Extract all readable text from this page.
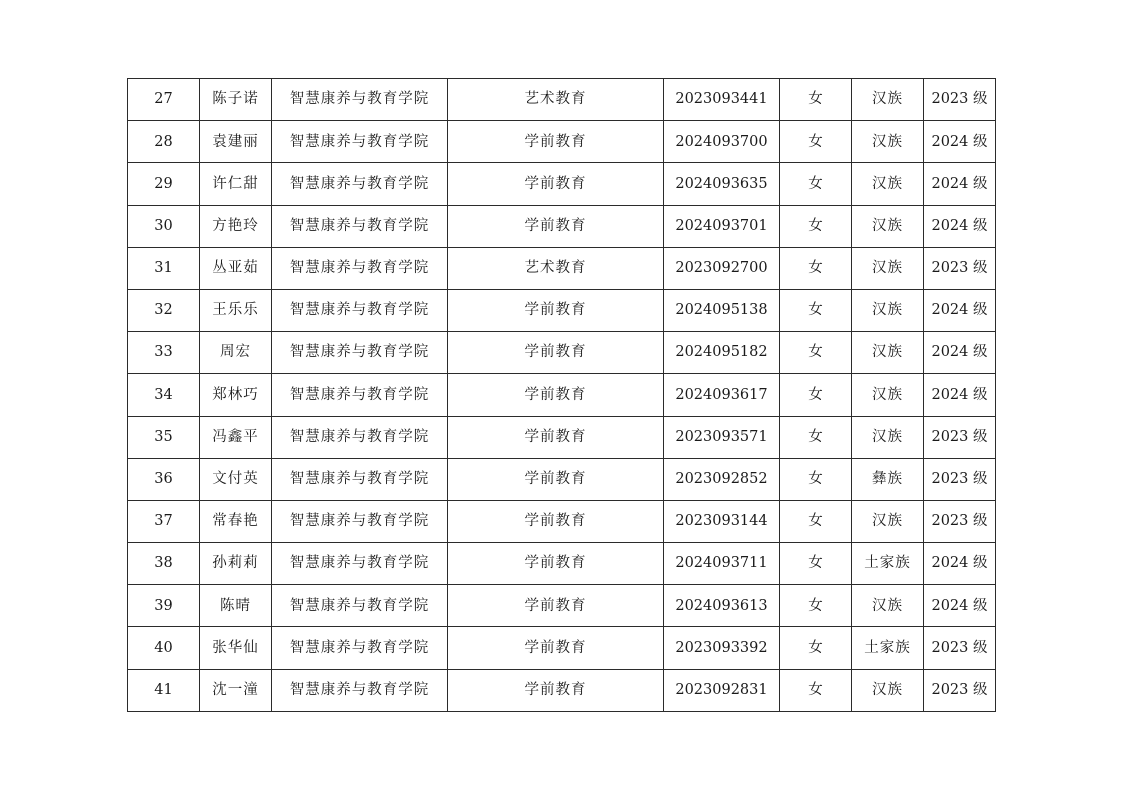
27	陈子诺	智慧康养与教育学院	艺术教育	2023093441	女	汉族	2023 级
28	袁建丽	智慧康养与教育学院	学前教育	2024093700	女	汉族	2024 级
29	许仁甜	智慧康养与教育学院	学前教育	2024093635	女	汉族	2024 级
30	方艳玲	智慧康养与教育学院	学前教育	2024093701	女	汉族	2024 级
31	丛亚茹	智慧康养与教育学院	艺术教育	2023092700	女	汉族	2023 级
32	王乐乐	智慧康养与教育学院	学前教育	2024095138	女	汉族	2024 级
33	周宏	智慧康养与教育学院	学前教育	2024095182	女	汉族	2024 级
34	郑林巧	智慧康养与教育学院	学前教育	2024093617	女	汉族	2024 级
35	冯鑫平	智慧康养与教育学院	学前教育	2023093571	女	汉族	2023 级
36	文付英	智慧康养与教育学院	学前教育	2023092852	女	彝族	2023 级
37	常春艳	智慧康养与教育学院	学前教育	2023093144	女	汉族	2023 级
38	孙莉莉	智慧康养与教育学院	学前教育	2024093711	女	土家族	2024 级
39	陈晴	智慧康养与教育学院	学前教育	2024093613	女	汉族	2024 级
40	张华仙	智慧康养与教育学院	学前教育	2023093392	女	土家族	2023 级
41	沈一潼	智慧康养与教育学院	学前教育	2023092831	女	汉族	2023 级
